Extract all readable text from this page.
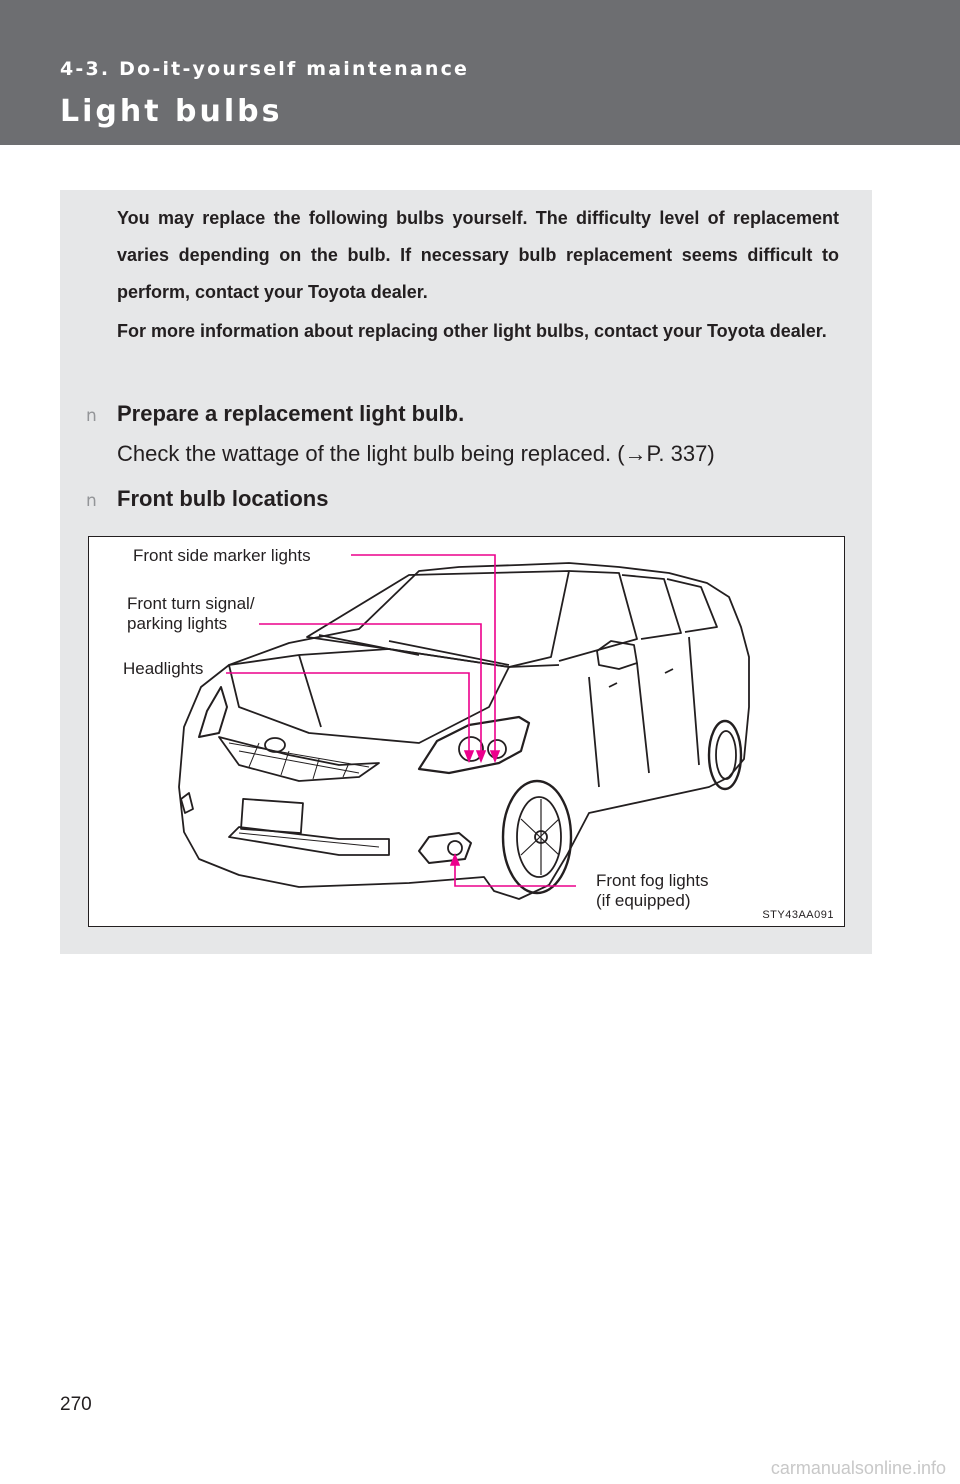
4-3. Do-it-yourself maintenance
Light bulbs

You may replace the following bulbs yourself. The difficulty level of replacement varies depending on the bulb. If necessary bulb replacement seems difficult to perform, contact your Toyota dealer.

For more information about replacing other light bulbs, contact your Toyota dealer.

n Prepare a replacement light bulb.
Check the wattage of the light bulb being replaced. (→P. 337)
n Front bulb locations
Front side marker lights
Front turn signal/
parking lights
Headlights
Front fog lights
(if equipped)
STY43AA091
270
carmanualsonline.info
